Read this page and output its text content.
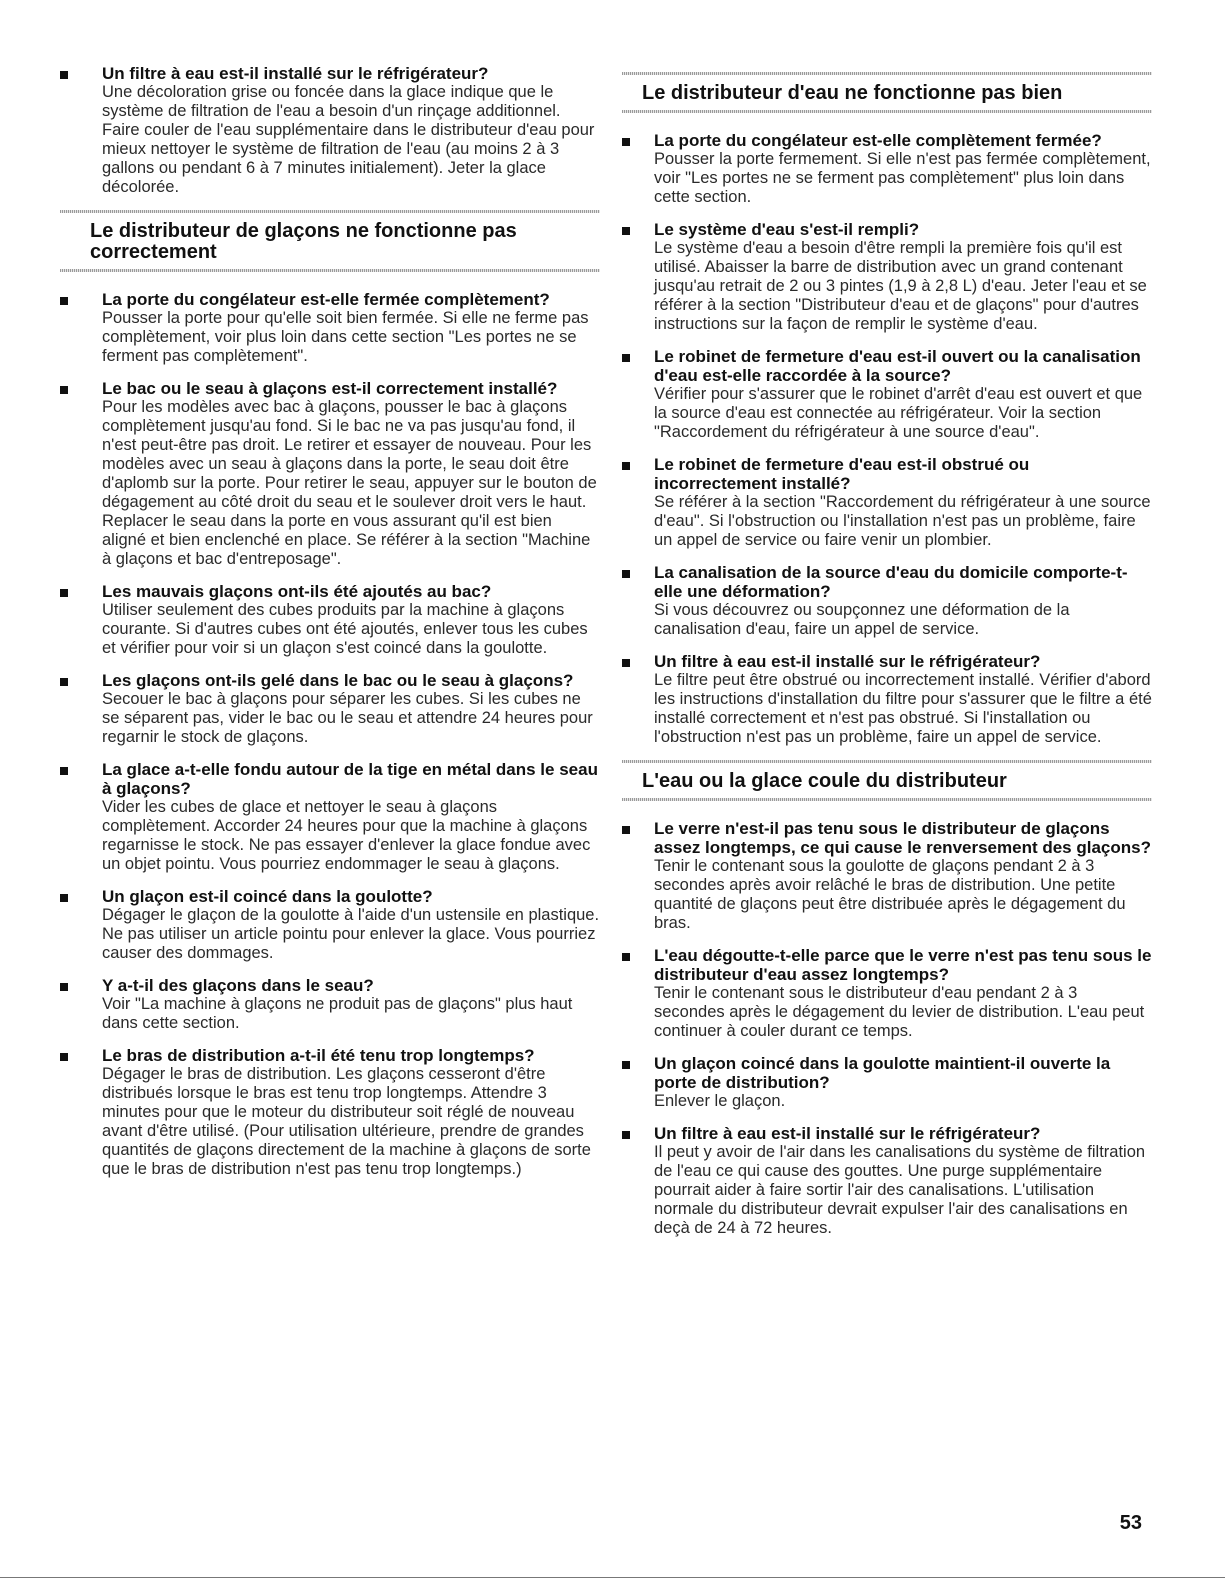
Un filtre à eau est-il installé sur le réfrigérateur?
Une décoloration grise ou foncée dans la glace indique que le système de filtration de l'eau a besoin d'un rinçage additionnel. Faire couler de l'eau supplémentaire dans le distributeur d'eau pour mieux nettoyer le système de filtration de l'eau (au moins 2 à 3 gallons ou pendant 6 à 7 minutes initialement). Jeter la glace décolorée.
Le distributeur de glaçons ne fonctionne pas correctement
La porte du congélateur est-elle fermée complètement?
Pousser la porte pour qu'elle soit bien fermée. Si elle ne ferme pas complètement, voir plus loin dans cette section "Les portes ne se ferment pas complètement".
Le bac ou le seau à glaçons est-il correctement installé?
Pour les modèles avec bac à glaçons, pousser le bac à glaçons complètement jusqu'au fond. Si le bac ne va pas jusqu'au fond, il n'est peut-être pas droit. Le retirer et essayer de nouveau. Pour les modèles avec un seau à glaçons dans la porte, le seau doit être d'aplomb sur la porte. Pour retirer le seau, appuyer sur le bouton de dégagement au côté droit du seau et le soulever droit vers le haut. Replacer le seau dans la porte en vous assurant qu'il est bien aligné et bien enclenché en place. Se référer à la section "Machine à glaçons et bac d'entreposage".
Les mauvais glaçons ont-ils été ajoutés au bac?
Utiliser seulement des cubes produits par la machine à glaçons courante. Si d'autres cubes ont été ajoutés, enlever tous les cubes et vérifier pour voir si un glaçon s'est coincé dans la goulotte.
Les glaçons ont-ils gelé dans le bac ou le seau à glaçons?
Secouer le bac à glaçons pour séparer les cubes. Si les cubes ne se séparent pas, vider le bac ou le seau et attendre 24 heures pour regarnir le stock de glaçons.
La glace a-t-elle fondu autour de la tige en métal dans le seau à glaçons?
Vider les cubes de glace et nettoyer le seau à glaçons complètement. Accorder 24 heures pour que la machine à glaçons regarnisse le stock. Ne pas essayer d'enlever la glace fondue avec un objet pointu. Vous pourriez endommager le seau à glaçons.
Un glaçon est-il coincé dans la goulotte?
Dégager le glaçon de la goulotte à l'aide d'un ustensile en plastique. Ne pas utiliser un article pointu pour enlever la glace. Vous pourriez causer des dommages.
Y a-t-il des glaçons dans le seau?
Voir "La machine à glaçons ne produit pas de glaçons" plus haut dans cette section.
Le bras de distribution a-t-il été tenu trop longtemps?
Dégager le bras de distribution. Les glaçons cesseront d'être distribués lorsque le bras est tenu trop longtemps. Attendre 3 minutes pour que le moteur du distributeur soit réglé de nouveau avant d'être utilisé. (Pour utilisation ultérieure, prendre de grandes quantités de glaçons directement de la machine à glaçons de sorte que le bras de distribution n'est pas tenu trop longtemps.)
Le distributeur d'eau ne fonctionne pas bien
La porte du congélateur est-elle complètement fermée?
Pousser la porte fermement. Si elle n'est pas fermée complètement, voir "Les portes ne se ferment pas complètement" plus loin dans cette section.
Le système d'eau s'est-il rempli?
Le système d'eau a besoin d'être rempli la première fois qu'il est utilisé. Abaisser la barre de distribution avec un grand contenant jusqu'au retrait de 2 ou 3 pintes (1,9 à 2,8 L) d'eau. Jeter l'eau et se référer à la section "Distributeur d'eau et de glaçons" pour d'autres instructions sur la façon de remplir le système d'eau.
Le robinet de fermeture d'eau est-il ouvert ou la canalisation d'eau est-elle raccordée à la source?
Vérifier pour s'assurer que le robinet d'arrêt d'eau est ouvert et que la source d'eau est connectée au réfrigérateur. Voir la section "Raccordement du réfrigérateur à une source d'eau".
Le robinet de fermeture d'eau est-il obstrué ou incorrectement installé?
Se référer à la section "Raccordement du réfrigérateur à une source d'eau". Si l'obstruction ou l'installation n'est pas un problème, faire un appel de service ou faire venir un plombier.
La canalisation de la source d'eau du domicile comporte-t-elle une déformation?
Si vous découvrez ou soupçonnez une déformation de la canalisation d'eau, faire un appel de service.
Un filtre à eau est-il installé sur le réfrigérateur?
Le filtre peut être obstrué ou incorrectement installé. Vérifier d'abord les instructions d'installation du filtre pour s'assurer que le filtre a été installé correctement et n'est pas obstrué. Si l'installation ou l'obstruction n'est pas un problème, faire un appel de service.
L'eau ou la glace coule du distributeur
Le verre n'est-il pas tenu sous le distributeur de glaçons assez longtemps, ce qui cause le renversement des glaçons?
Tenir le contenant sous la goulotte de glaçons pendant 2 à 3 secondes après avoir relâché le bras de distribution. Une petite quantité de glaçons peut être distribuée après le dégagement du bras.
L'eau dégoutte-t-elle parce que le verre n'est pas tenu sous le distributeur d'eau assez longtemps?
Tenir le contenant sous le distributeur d'eau pendant 2 à 3 secondes après le dégagement du levier de distribution. L'eau peut continuer à couler durant ce temps.
Un glaçon coincé dans la goulotte maintient-il ouverte la porte de distribution?
Enlever le glaçon.
Un filtre à eau est-il installé sur le réfrigérateur?
Il peut y avoir de l'air dans les canalisations du système de filtration de l'eau ce qui cause des gouttes. Une purge supplémentaire pourrait aider à faire sortir l'air des canalisations. L'utilisation normale du distributeur devrait expulser l'air des canalisations en deçà de 24 à 72 heures.
53
